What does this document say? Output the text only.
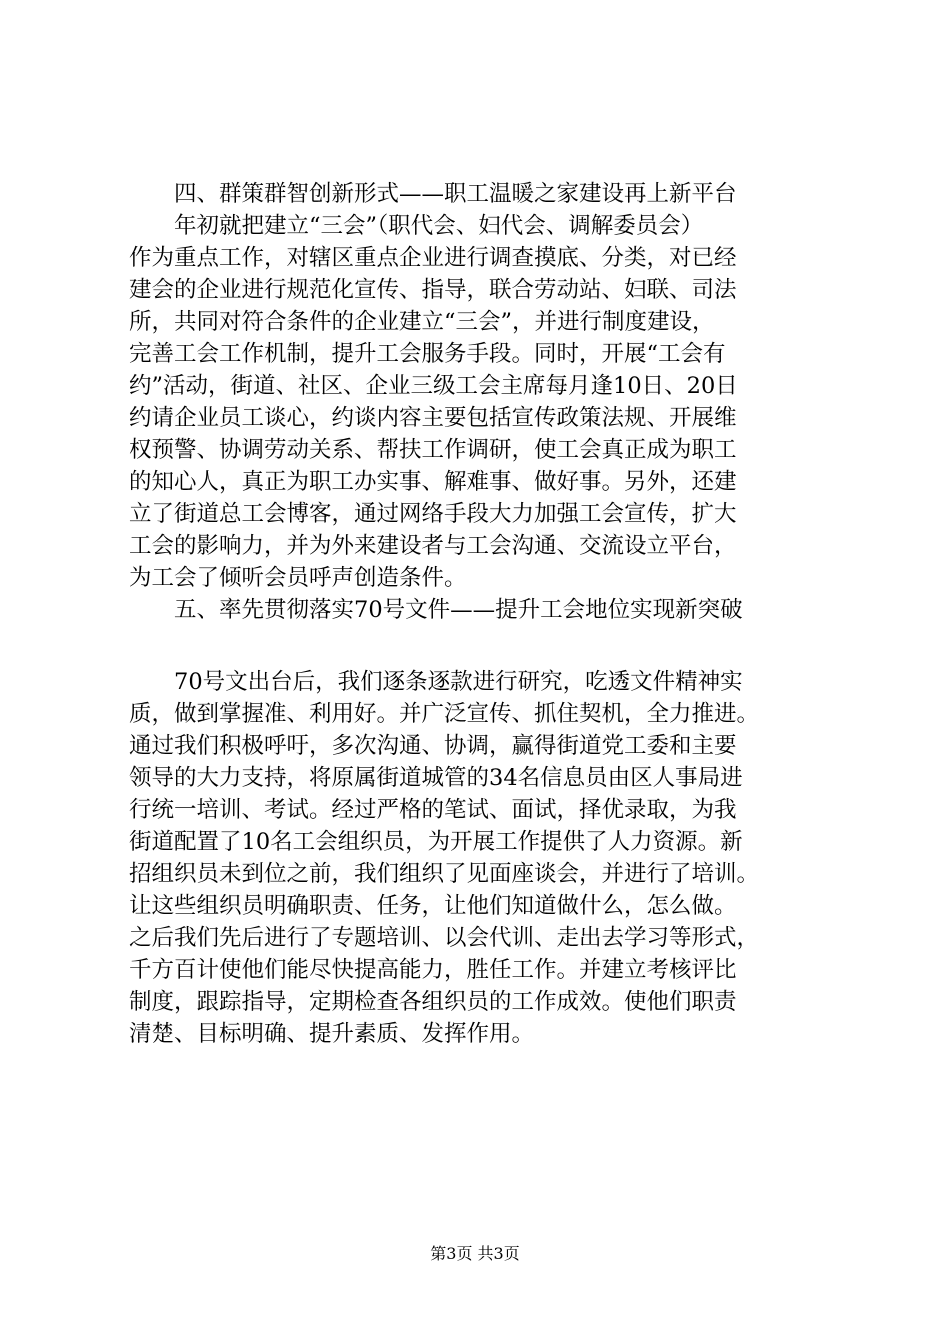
四、群策群智创新形式——职工温暖之家建设再上新平台
年初就把建立“三会”（职代会、妇代会、调解委员会）
作为重点工作，对辖区重点企业进行调查摸底、分类，对已经
建会的企业进行规范化宣传、指导，联合劳动站、妇联、司法
所，共同对符合条件的企业建立“三会”，并进行制度建设，
完善工会工作机制，提升工会服务手段。同时，开展“工会有
约”活动，街道、社区、企业三级工会主席每月逢10日、20日
约请企业员工谈心，约谈内容主要包括宣传政策法规、开展维
权预警、协调劳动关系、帮扶工作调研，使工会真正成为职工
的知心人，真正为职工办实事、解难事、做好事。另外，还建
立了街道总工会博客，通过网络手段大力加强工会宣传，扩大
工会的影响力，并为外来建设者与工会沟通、交流设立平台，
为工会了倾听会员呼声创造条件。
五、率先贯彻落实70号文件——提升工会地位实现新突破
70号文出台后，我们逐条逐款进行研究，吃透文件精神实
质，做到掌握准、利用好。并广泛宣传、抓住契机，全力推进。
通过我们积极呼吁，多次沟通、协调，赢得街道党工委和主要
领导的大力支持，将原属街道城管的34名信息员由区人事局进
行统一培训、考试。经过严格的笔试、面试，择优录取，为我
街道配置了10名工会组织员，为开展工作提供了人力资源。新
招组织员未到位之前，我们组织了见面座谈会，并进行了培训。
让这些组织员明确职责、任务，让他们知道做什么，怎么做。
之后我们先后进行了专题培训、以会代训、走出去学习等形式，
千方百计使他们能尽快提高能力，胜任工作。并建立考核评比
制度，跟踪指导，定期检查各组织员的工作成效。使他们职责
清楚、目标明确、提升素质、发挥作用。
第3页 共3页
